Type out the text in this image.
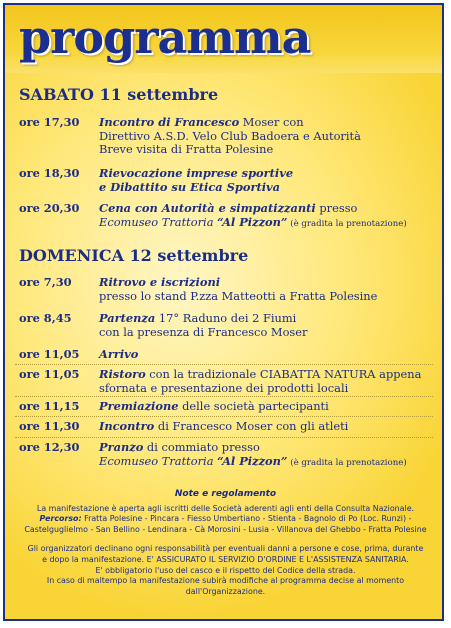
programma
SABATO 11 settembre
ore 17,30	Incontro di Francesco Moser con
Direttivo A.S.D. Velo Club Badoera e Autorità
Breve visita di Fratta Polesine
ore 18,30	Rievocazione imprese sportive
e Dibattito su Etica Sportiva
ore 20,30	Cena con Autorità e simpatizzanti presso
Ecomuseo Trattoria “Al Pizzon” (è gradita la prenotazione)
DOMENICA 12 settembre
ore 7,30	Ritrovo e iscrizioni
presso lo stand P.zza Matteotti a Fratta Polesine
ore 8,45	Partenza 17° Raduno dei 2 Fiumi
con la presenza di Francesco Moser
ore 11,05	Arrivo
ore 11,05	Ristoro con la tradizionale CIABATTA NATURA appena
sfornata e presentazione dei prodotti locali
ore 11,15	Premiazione delle società partecipanti
ore 11,30	Incontro di Francesco Moser con gli atleti
ore 12,30	Pranzo di commiato presso
Ecomuseo Trattoria “Al Pizzon” (è gradita la prenotazione)
Note e regolamento
La manifestazione è aperta agli iscritti delle Società aderenti agli enti della Consulta Nazionale.
Percorso: Fratta Polesine - Pincara - Fiesso Umbertiano - Stienta - Bagnolo di Po (Loc. Runzi) -
Castelguglielmo - San Bellino - Lendinara - Cà Morosini - Lusia - Villanova del Ghebbo - Fratta Polesine
Gli organizzatori declinano ogni responsabilità per eventuali danni a persone e cose, prima, durante
e dopo la manifestazione. E' ASSICURATO IL SERVIZIO D'ORDINE E L'ASSISTENZA SANITARIA.
E' obbligatorio l'uso del casco e il rispetto del Codice della strada.
In caso di maltempo la manifestazione subirà modifiche al programma decise al momento
dall'Organizzazione.
